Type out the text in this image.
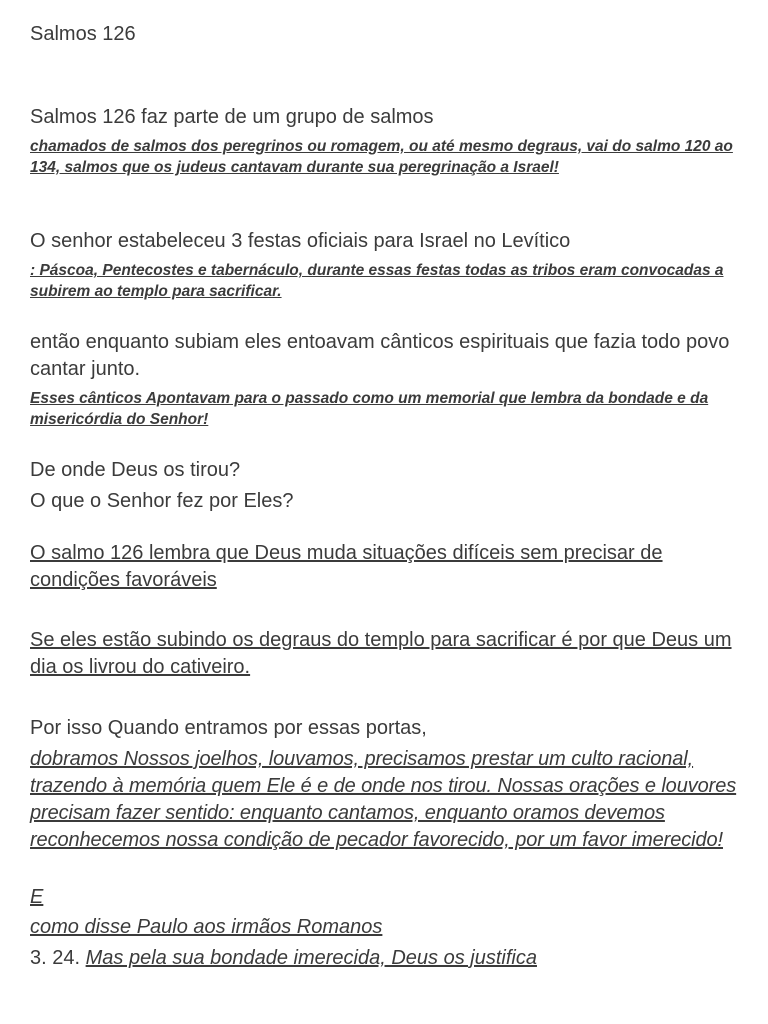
Salmos 126

Salmos 126 faz parte de um grupo de salmos

chamados de salmos dos peregrinos ou romagem, ou até mesmo degraus, vai do salmo 120 ao 134, salmos que os judeus cantavam durante sua peregrinação a Israel!

O senhor estabeleceu 3 festas oficiais para Israel no Levítico

: Páscoa, Pentecostes e tabernáculo, durante essas festas todas as tribos eram convocadas a subirem ao templo para sacrificar.

então enquanto subiam eles entoavam cânticos espirituais que fazia todo povo cantar junto.

Esses cânticos Apontavam para o passado como um memorial que lembra da bondade e da misericórdia do Senhor!

De onde Deus os tirou?

O que o Senhor fez por Eles?

O salmo 126 lembra que Deus muda situações difíceis sem precisar de condições favoráveis

Se eles estão subindo os degraus do templo para sacrificar é por que Deus um dia os livrou do cativeiro.

Por isso Quando entramos por essas portas,

dobramos Nossos joelhos, louvamos, precisamos prestar um culto racional, trazendo à memória quem Ele é e de onde nos tirou. Nossas orações e louvores precisam fazer sentido: enquanto cantamos, enquanto oramos devemos reconhecemos nossa condição de pecador favorecido, por um favor imerecido!

E

como disse Paulo aos irmãos Romanos

3. 24. Mas pela sua bondade imerecida, Deus os justifica
